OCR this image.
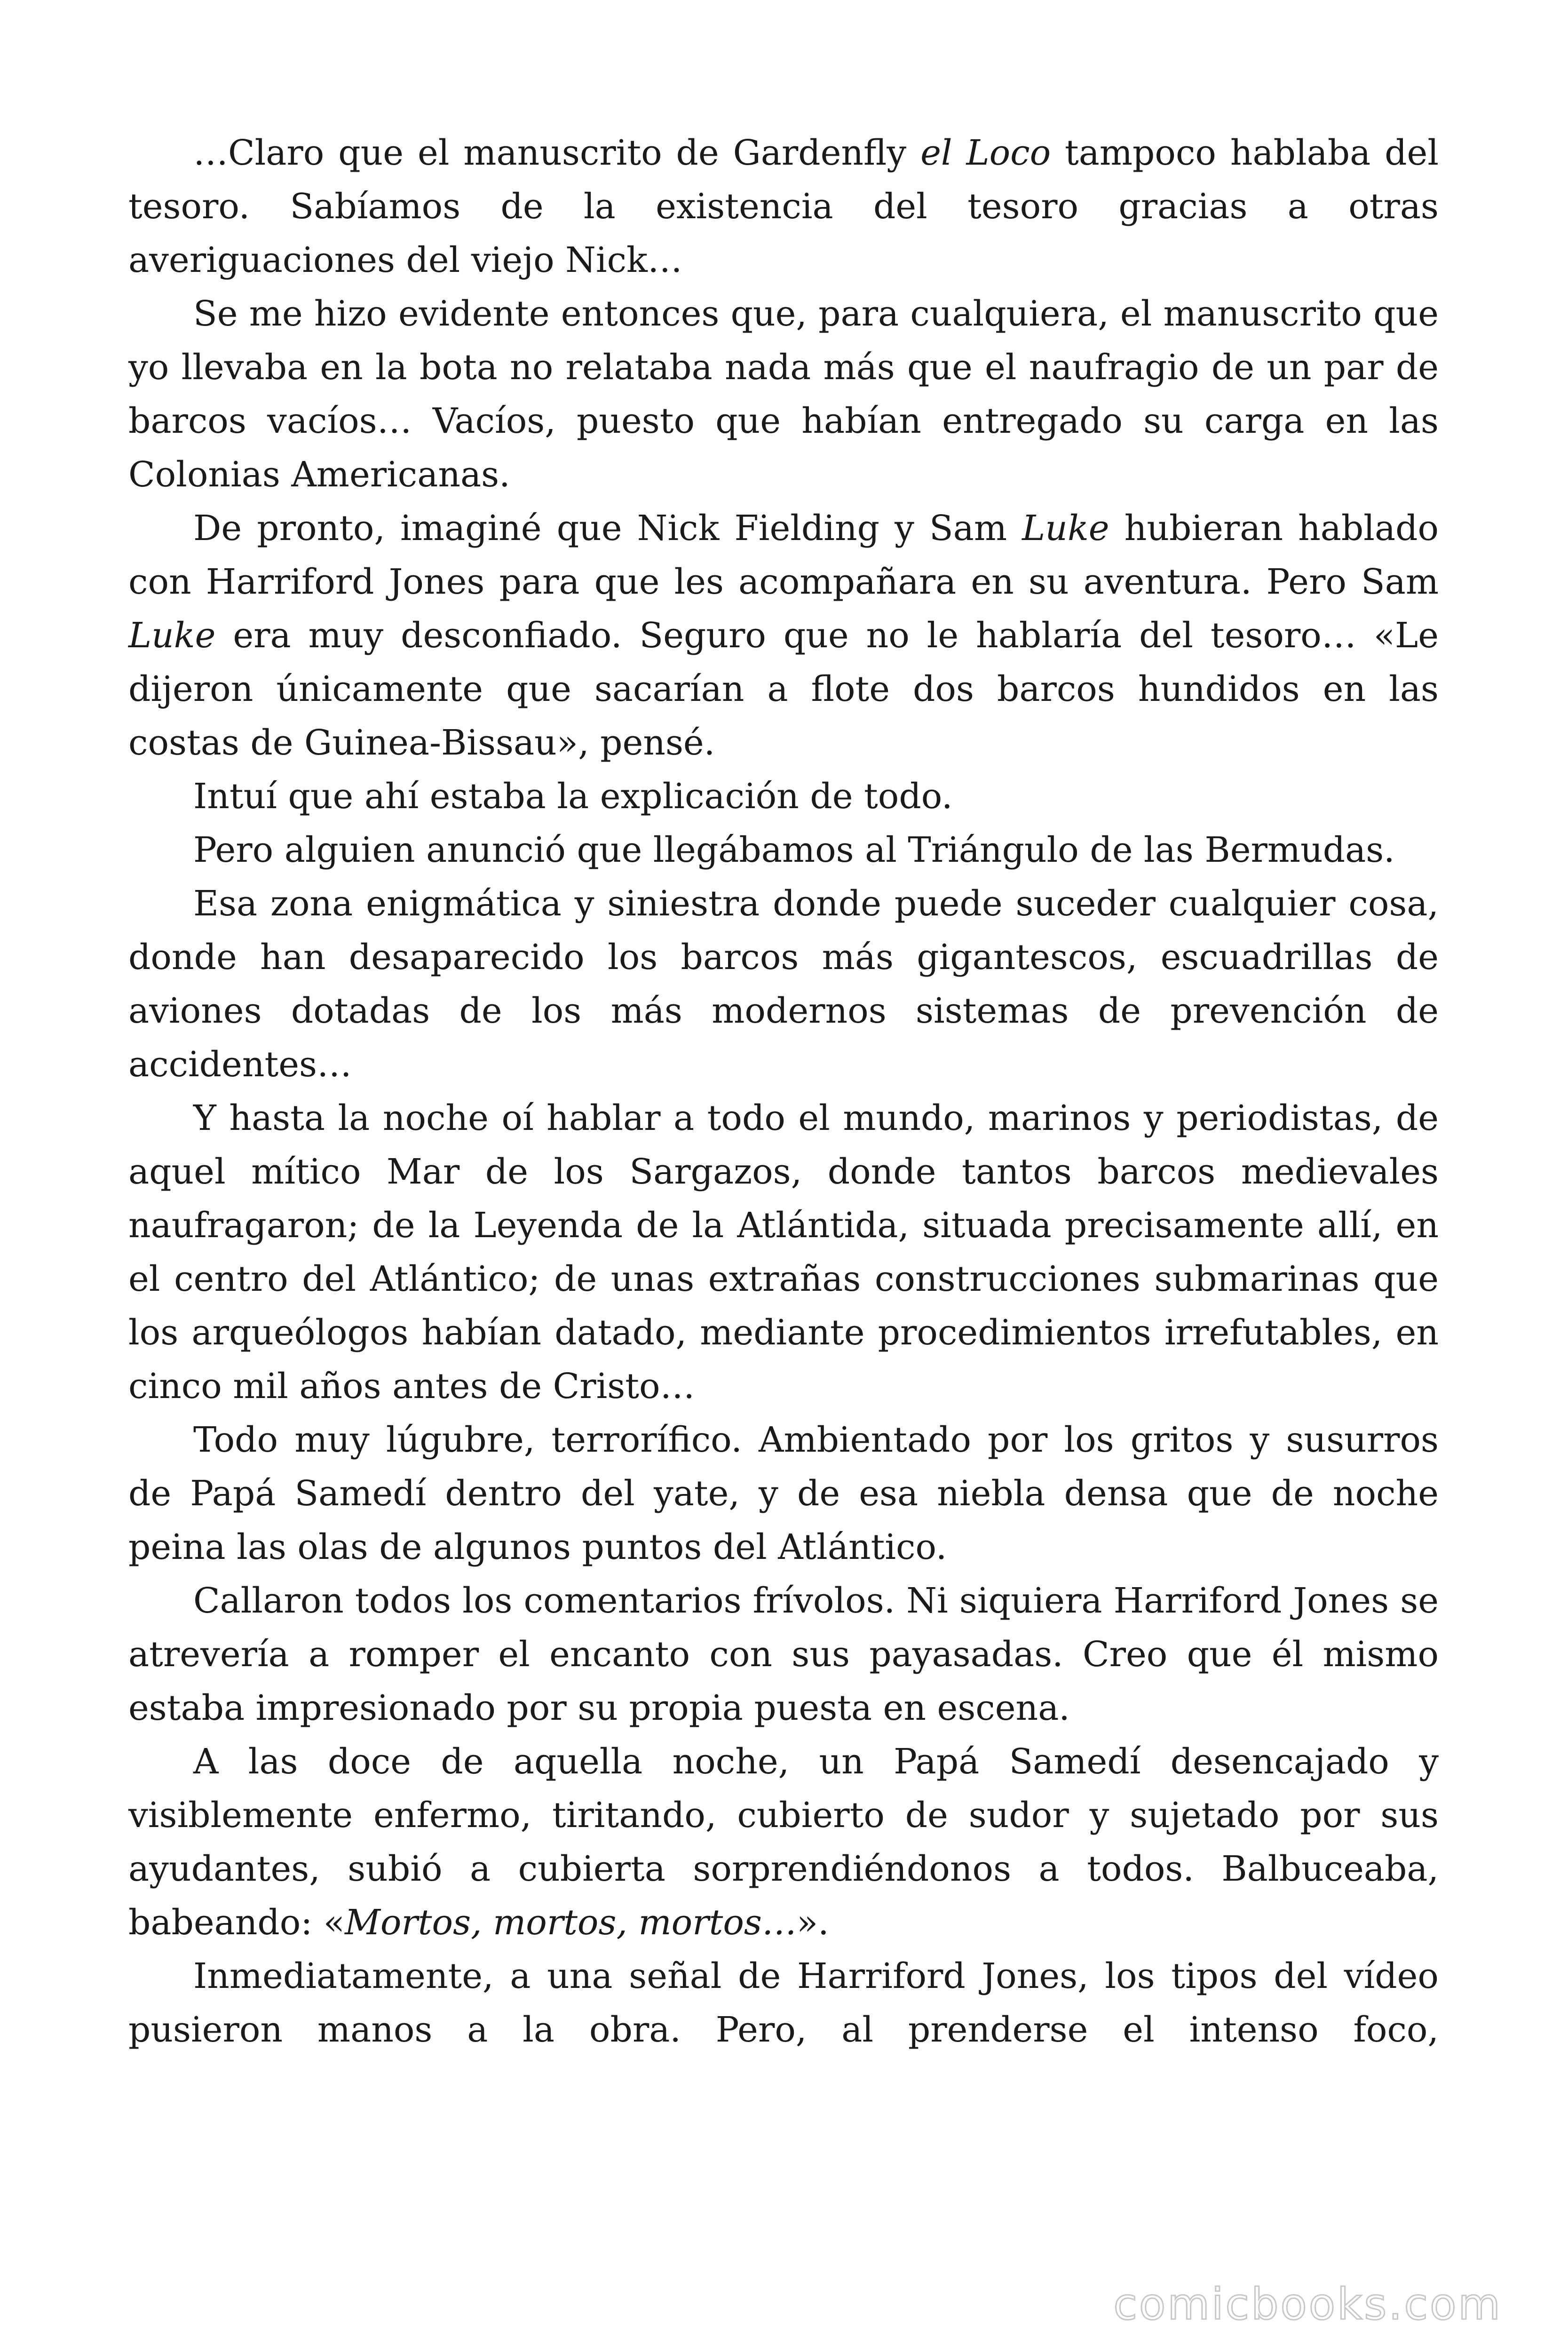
…Claro que el manuscrito de Gardenfly el Loco tampoco hablaba del tesoro. Sabíamos de la existencia del tesoro gracias a otras averiguaciones del viejo Nick…

Se me hizo evidente entonces que, para cualquiera, el manuscrito que yo llevaba en la bota no relataba nada más que el naufragio de un par de barcos vacíos… Vacíos, puesto que habían entregado su carga en las Colonias Americanas.

De pronto, imaginé que Nick Fielding y Sam Luke hubieran hablado con Harriford Jones para que les acompañara en su aventura. Pero Sam Luke era muy desconfiado. Seguro que no le hablaría del tesoro… «Le dijeron únicamente que sacarían a flote dos barcos hundidos en las costas de Guinea-Bissau», pensé.

Intuí que ahí estaba la explicación de todo.

Pero alguien anunció que llegábamos al Triángulo de las Bermudas.

Esa zona enigmática y siniestra donde puede suceder cualquier cosa, donde han desaparecido los barcos más gigantescos, escuadrillas de aviones dotadas de los más modernos sistemas de prevención de accidentes…

Y hasta la noche oí hablar a todo el mundo, marinos y periodistas, de aquel mítico Mar de los Sargazos, donde tantos barcos medievales naufragaron; de la Leyenda de la Atlántida, situada precisamente allí, en el centro del Atlántico; de unas extrañas construcciones submarinas que los arqueólogos habían datado, mediante procedimientos irrefutables, en cinco mil años antes de Cristo…

Todo muy lúgubre, terrorífico. Ambientado por los gritos y susurros de Papá Samedí dentro del yate, y de esa niebla densa que de noche peina las olas de algunos puntos del Atlántico.

Callaron todos los comentarios frívolos. Ni siquiera Harriford Jones se atrevería a romper el encanto con sus payasadas. Creo que él mismo estaba impresionado por su propia puesta en escena.

A las doce de aquella noche, un Papá Samedí desencajado y visiblemente enfermo, tiritando, cubierto de sudor y sujetado por sus ayudantes, subió a cubierta sorprendiéndonos a todos. Balbuceaba, babeando: «Mortos, mortos, mortos…».

Inmediatamente, a una señal de Harriford Jones, los tipos del vídeo pusieron manos a la obra. Pero, al prenderse el intenso foco,

comicbooks.com
